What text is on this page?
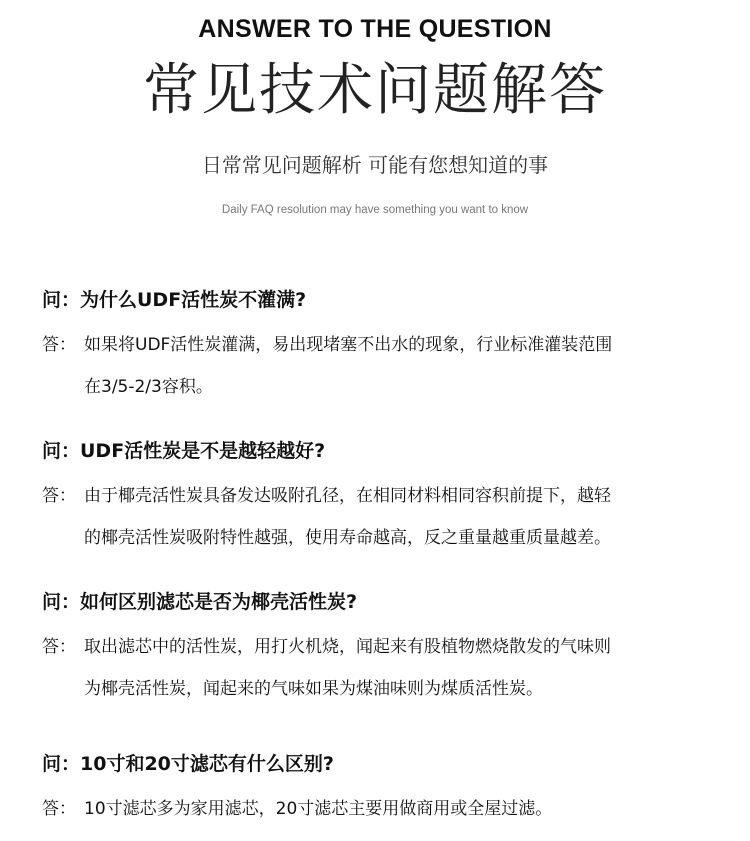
ANSWER TO THE QUESTION
常见技术问题解答
日常常见问题解析 可能有您想知道的事
Daily FAQ resolution may have something you want to know
问：为什么UDF活性炭不灌满?
答： 如果将UDF活性炭灌满，易出现堵塞不出水的现象，行业标准灌装范围
在3/5-2/3容积。
问：UDF活性炭是不是越轻越好?
答： 由于椰壳活性炭具备发达吸附孔径，在相同材料相同容积前提下，越轻
的椰壳活性炭吸附特性越强，使用寿命越高，反之重量越重质量越差。
问：如何区别滤芯是否为椰壳活性炭?
答： 取出滤芯中的活性炭，用打火机烧，闻起来有股植物燃烧散发的气味则
为椰壳活性炭，闻起来的气味如果为煤油味则为煤质活性炭。
问：10寸和20寸滤芯有什么区别?
答： 10寸滤芯多为家用滤芯，20寸滤芯主要用做商用或全屋过滤。
